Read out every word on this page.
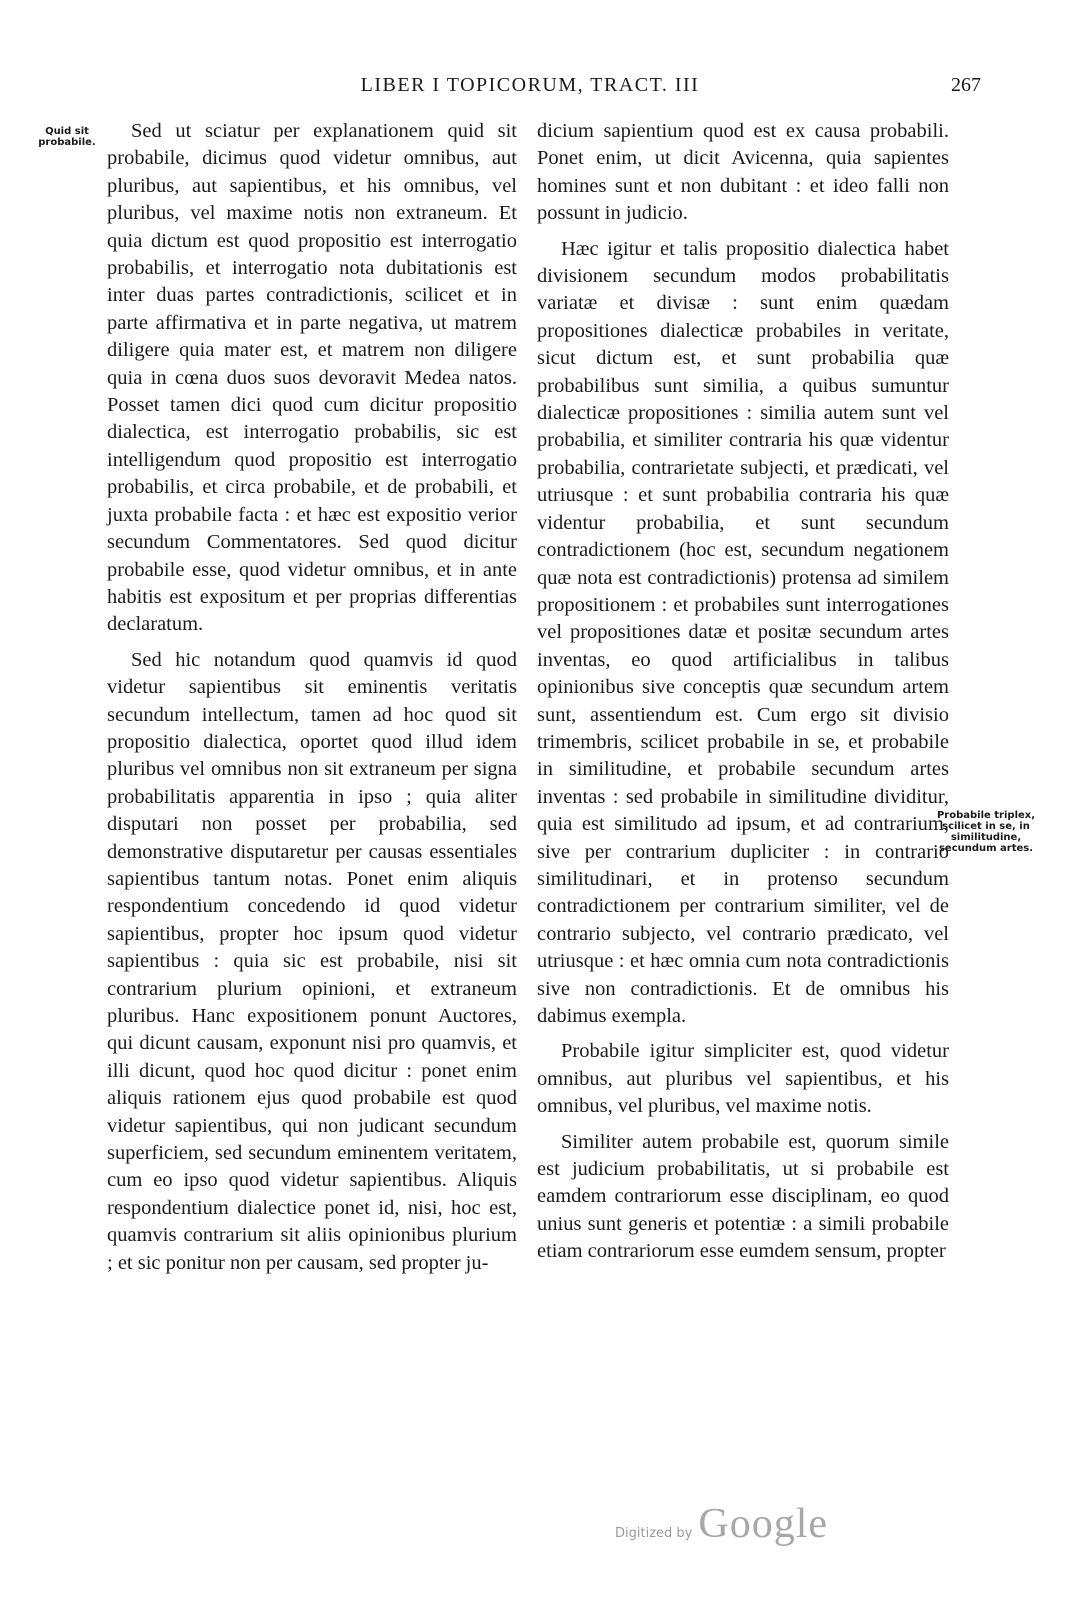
LIBER I TOPICORUM, TRACT. III	267
Quid sit probabile.
Probabile triplex, scilicet in se, in similitudine, secundum artes.

Sed ut sciatur per explanationem quid sit probabile, dicimus quod videtur omnibus, aut pluribus, aut sapientibus, et his omnibus, vel pluribus, vel maxime notis non extraneum. Et quia dictum est quod propositio est interrogatio probabilis, et interrogatio nota dubitationis est inter duas partes contradictionis, scilicet et in parte affirmativa et in parte negativa, ut matrem diligere quia mater est, et matrem non diligere quia in cœna duos suos devoravit Medea natos. Posset tamen dici quod cum dicitur propositio dialectica, est interrogatio probabilis, sic est intelligendum quod propositio est interrogatio probabilis, et circa probabile, et de probabili, et juxta probabile facta : et hæc est expositio verior secundum Commentatores. Sed quod dicitur probabile esse, quod videtur omnibus, et in ante habitis est expositum et per proprias differentias declaratum.

Sed hic notandum quod quamvis id quod videtur sapientibus sit eminentis veritatis secundum intellectum, tamen ad hoc quod sit propositio dialectica, oportet quod illud idem pluribus vel omnibus non sit extraneum per signa probabilitatis apparentia in ipso ; quia aliter disputari non posset per probabilia, sed demonstrative disputaretur per causas essentiales sapientibus tantum notas. Ponet enim aliquis respondentium concedendo id quod videtur sapientibus, propter hoc ipsum quod videtur sapientibus : quia sic est probabile, nisi sit contrarium plurium opinioni, et extraneum pluribus. Hanc expositionem ponunt Auctores, qui dicunt causam, exponunt nisi pro quamvis, et illi dicunt, quod hoc quod dicitur : ponet enim aliquis rationem ejus quod probabile est quod videtur sapientibus, qui non judicant secundum superficiem, sed secundum eminentem veritatem, cum eo ipso quod videtur sapientibus. Aliquis respondentium dialectice ponet id, nisi, hoc est, quamvis contrarium sit aliis opinionibus plurium ; et sic ponitur non per causam, sed propter ju-

dicium sapientium quod est ex causa probabili. Ponet enim, ut dicit Avicenna, quia sapientes homines sunt et non dubitant : et ideo falli non possunt in judicio.

Hæc igitur et talis propositio dialectica habet divisionem secundum modos probabilitatis variatæ et divisæ : sunt enim quædam propositiones dialecticæ probabiles in veritate, sicut dictum est, et sunt probabilia quæ probabilibus sunt similia, a quibus sumuntur dialecticæ propositiones : similia autem sunt vel probabilia, et similiter contraria his quæ videntur probabilia, contrarietate subjecti, et prædicati, vel utriusque : et sunt probabilia contraria his quæ videntur probabilia, et sunt secundum contradictionem (hoc est, secundum negationem quæ nota est contradictionis) protensa ad similem propositionem : et probabiles sunt interrogationes vel propositiones datæ et positæ secundum artes inventas, eo quod artificialibus in talibus opinionibus sive conceptis quæ secundum artem sunt, assentiendum est. Cum ergo sit divisio trimembris, scilicet probabile in se, et probabile in similitudine, et probabile secundum artes inventas : sed probabile in similitudine dividitur, quia est similitudo ad ipsum, et ad contrarium, sive per contrarium dupliciter : in contrario similitudinari, et in protenso secundum contradictionem per contrarium similiter, vel de contrario subjecto, vel contrario prædicato, vel utriusque : et hæc omnia cum nota contradictionis sive non contradictionis. Et de omnibus his dabimus exempla.

Probabile igitur simpliciter est, quod videtur omnibus, aut pluribus vel sapientibus, et his omnibus, vel pluribus, vel maxime notis.

Similiter autem probabile est, quorum simile est judicium probabilitatis, ut si probabile est eamdem contrariorum esse disciplinam, eo quod unius sunt generis et potentiæ : a simili probabile etiam contrariorum esse eumdem sensum, propter

Digitized by Google
